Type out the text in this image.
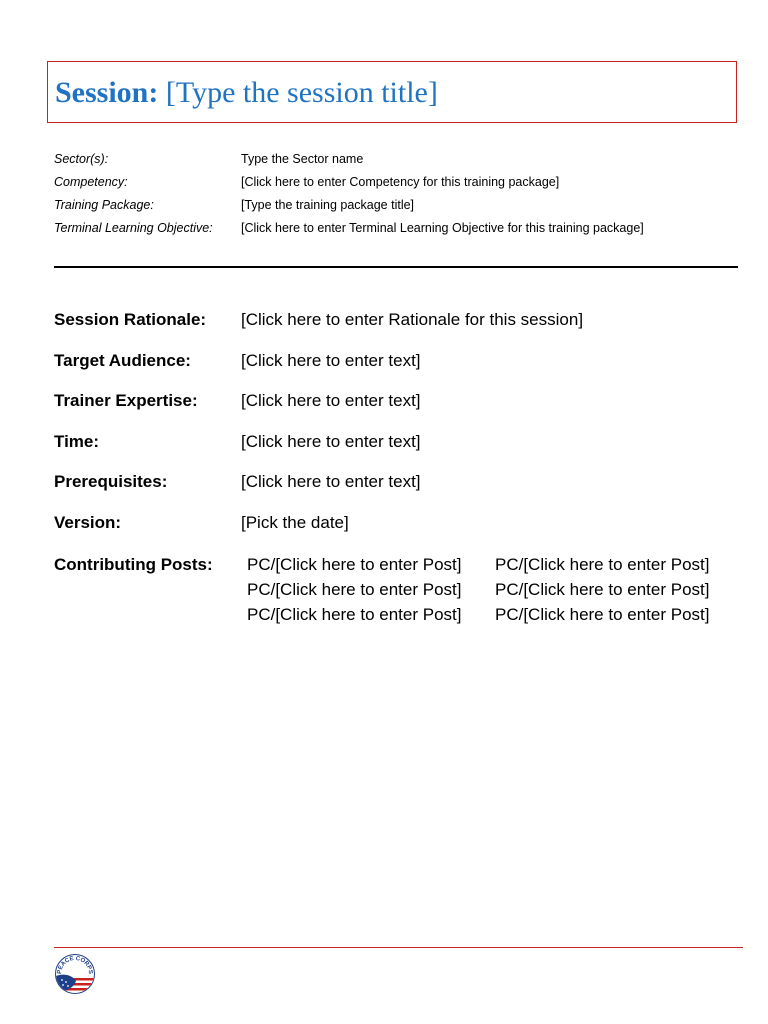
Session: [Type the session title]
Sector(s):	Type the Sector name
Competency:	[Click here to enter Competency for this training package]
Training Package:	[Type the training package title]
Terminal Learning Objective: [Click here to enter Terminal Learning Objective for this training package]
Session Rationale: [Click here to enter Rationale for this session]
Target Audience:	[Click here to enter text]
Trainer Expertise:	[Click here to enter text]
Time:	[Click here to enter text]
Prerequisites:	[Click here to enter text]
Version:	[Pick the date]
Contributing Posts: PC/[Click here to enter Post] PC/[Click here to enter Post]
PC/[Click here to enter Post] PC/[Click here to enter Post]
PC/[Click here to enter Post] PC/[Click here to enter Post]
PEACE CORPS
